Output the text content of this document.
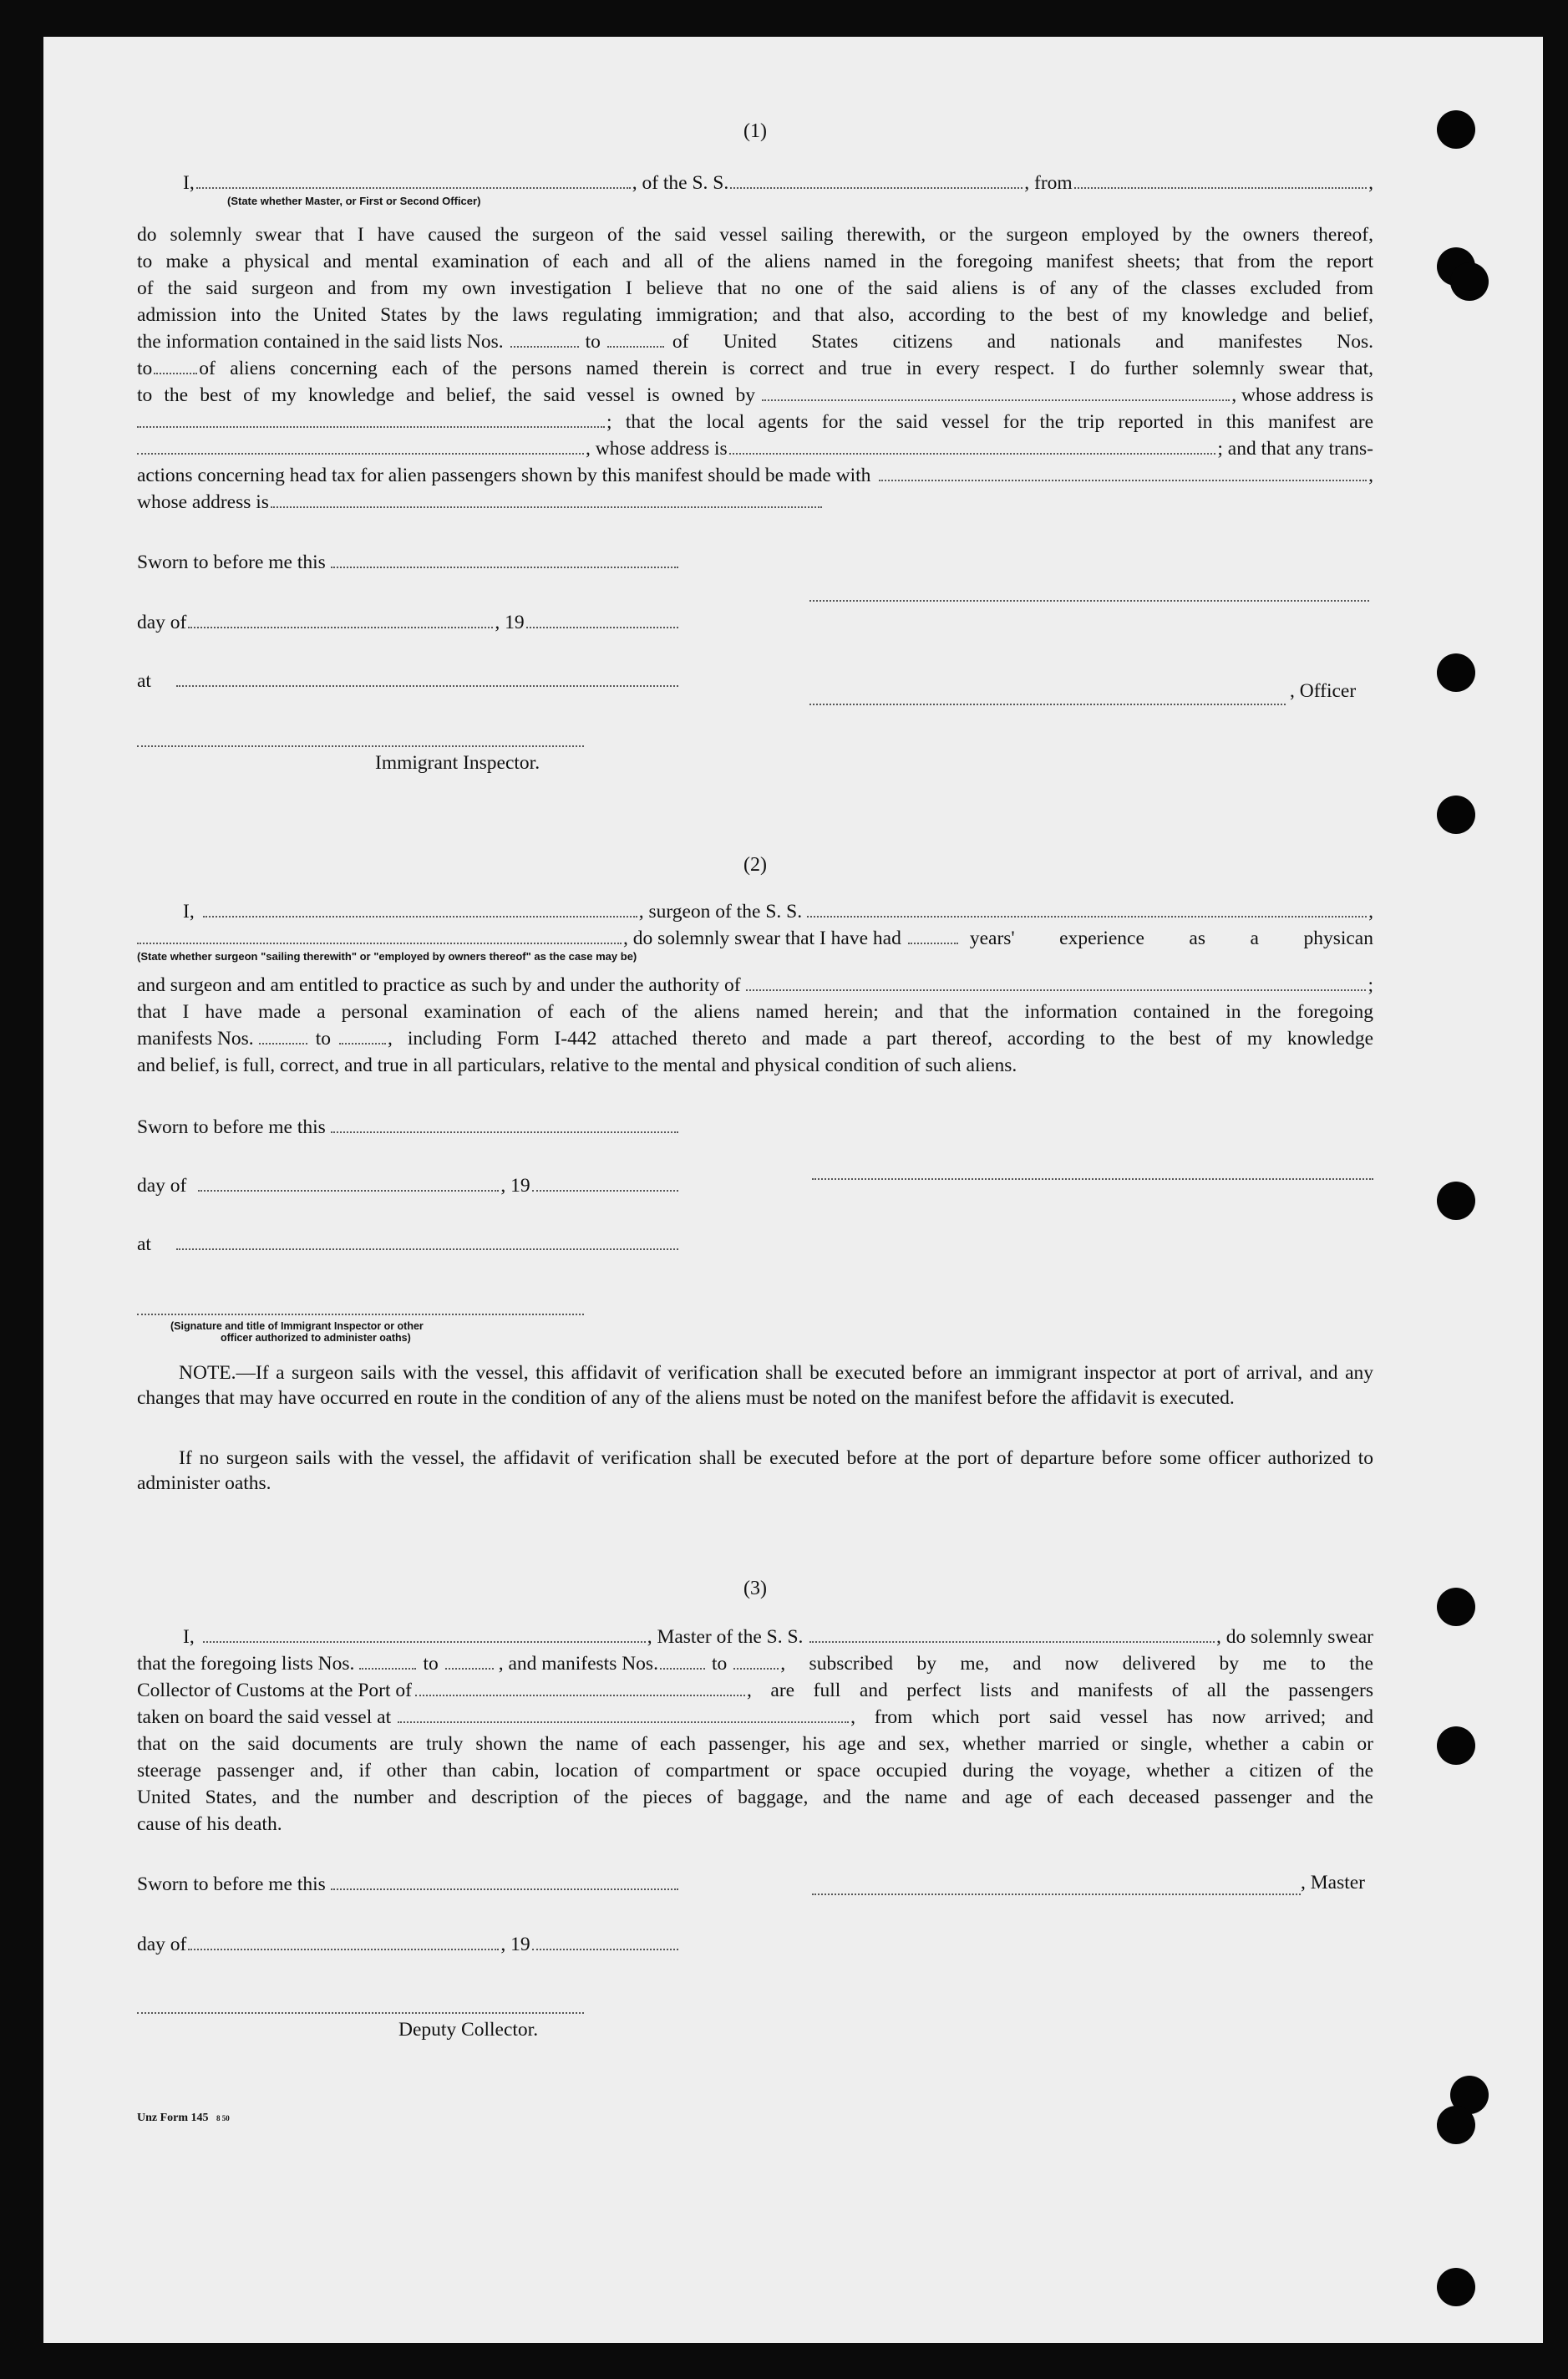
(1)
I,	, of the S. S.	, from	,
(State whether Master, or First or Second Officer)
do solemnly swear that I have caused the surgeon of the said vessel sailing therewith, or the surgeon employed by the owners thereof,
to make a physical and mental examination of each and all of the aliens named in the foregoing manifest sheets; that from the report
of the said surgeon and from my own investigation I believe that no one of the said aliens is of any of the classes excluded from
admission into the United States by the laws regulating immigration; and that also, according to the best of my knowledge and belief,
the information contained in the said lists Nos.	to	of United States citizens and nationals and manifestes Nos.
to of aliens concerning each of the persons named therein is correct and true in every respect. I do further solemnly swear that,
to the best of my knowledge and belief, the said vessel is owned by	, whose address is
; that the local agents for the said vessel for the trip reported in this manifest are
, whose address is	; and that any trans-
actions concerning head tax for alien passengers shown by this manifest should be made with	,
whose address is
Sworn to before me this
day of	, 19
at	, Officer
Immigrant Inspector.
(2)
I,	, surgeon of the S. S.	,
, do solemnly swear that I have had	years' experience as a physican
(State whether surgeon "sailing therewith" or "employed by owners thereof" as the case may be)
and surgeon and am entitled to practice as such by and under the authority of	;
that I have made a personal examination of each of the aliens named herein; and that the information contained in the foregoing
manifests Nos.	to	, including Form I-442 attached thereto and made a part thereof, according to the best of my knowledge
and belief, is full, correct, and true in all particulars, relative to the mental and physical condition of such aliens.
Sworn to before me this
day of	, 19
at
(Signature and title of Immigrant Inspector or other
officer authorized to administer oaths)
NOTE.—If a surgeon sails with the vessel, this affidavit of verification shall be executed before an immigrant inspector at port of arrival, and any changes that may have occurred en route in the condition of any of the aliens must be noted on the manifest before the affidavit is executed.
If no surgeon sails with the vessel, the affidavit of verification shall be executed before at the port of departure before some officer authorized to administer oaths.
(3)
I,	, Master of the S. S.	, do solemnly swear
that the foregoing lists Nos.	to	, and manifests Nos.	to	, subscribed by me, and now delivered by me to the
Collector of Customs at the Port of	, are full and perfect lists and manifests of all the passengers
taken on board the said vessel at	, from which port said vessel has now arrived; and
that on the said documents are truly shown the name of each passenger, his age and sex, whether married or single, whether a cabin or
steerage passenger and, if other than cabin, location of compartment or space occupied during the voyage, whether a citizen of the
United States, and the number and description of the pieces of baggage, and the name and age of each deceased passenger and the
cause of his death.
Sworn to before me this	, Master
day of	, 19
Deputy Collector.
Unz Form 145 8 50
